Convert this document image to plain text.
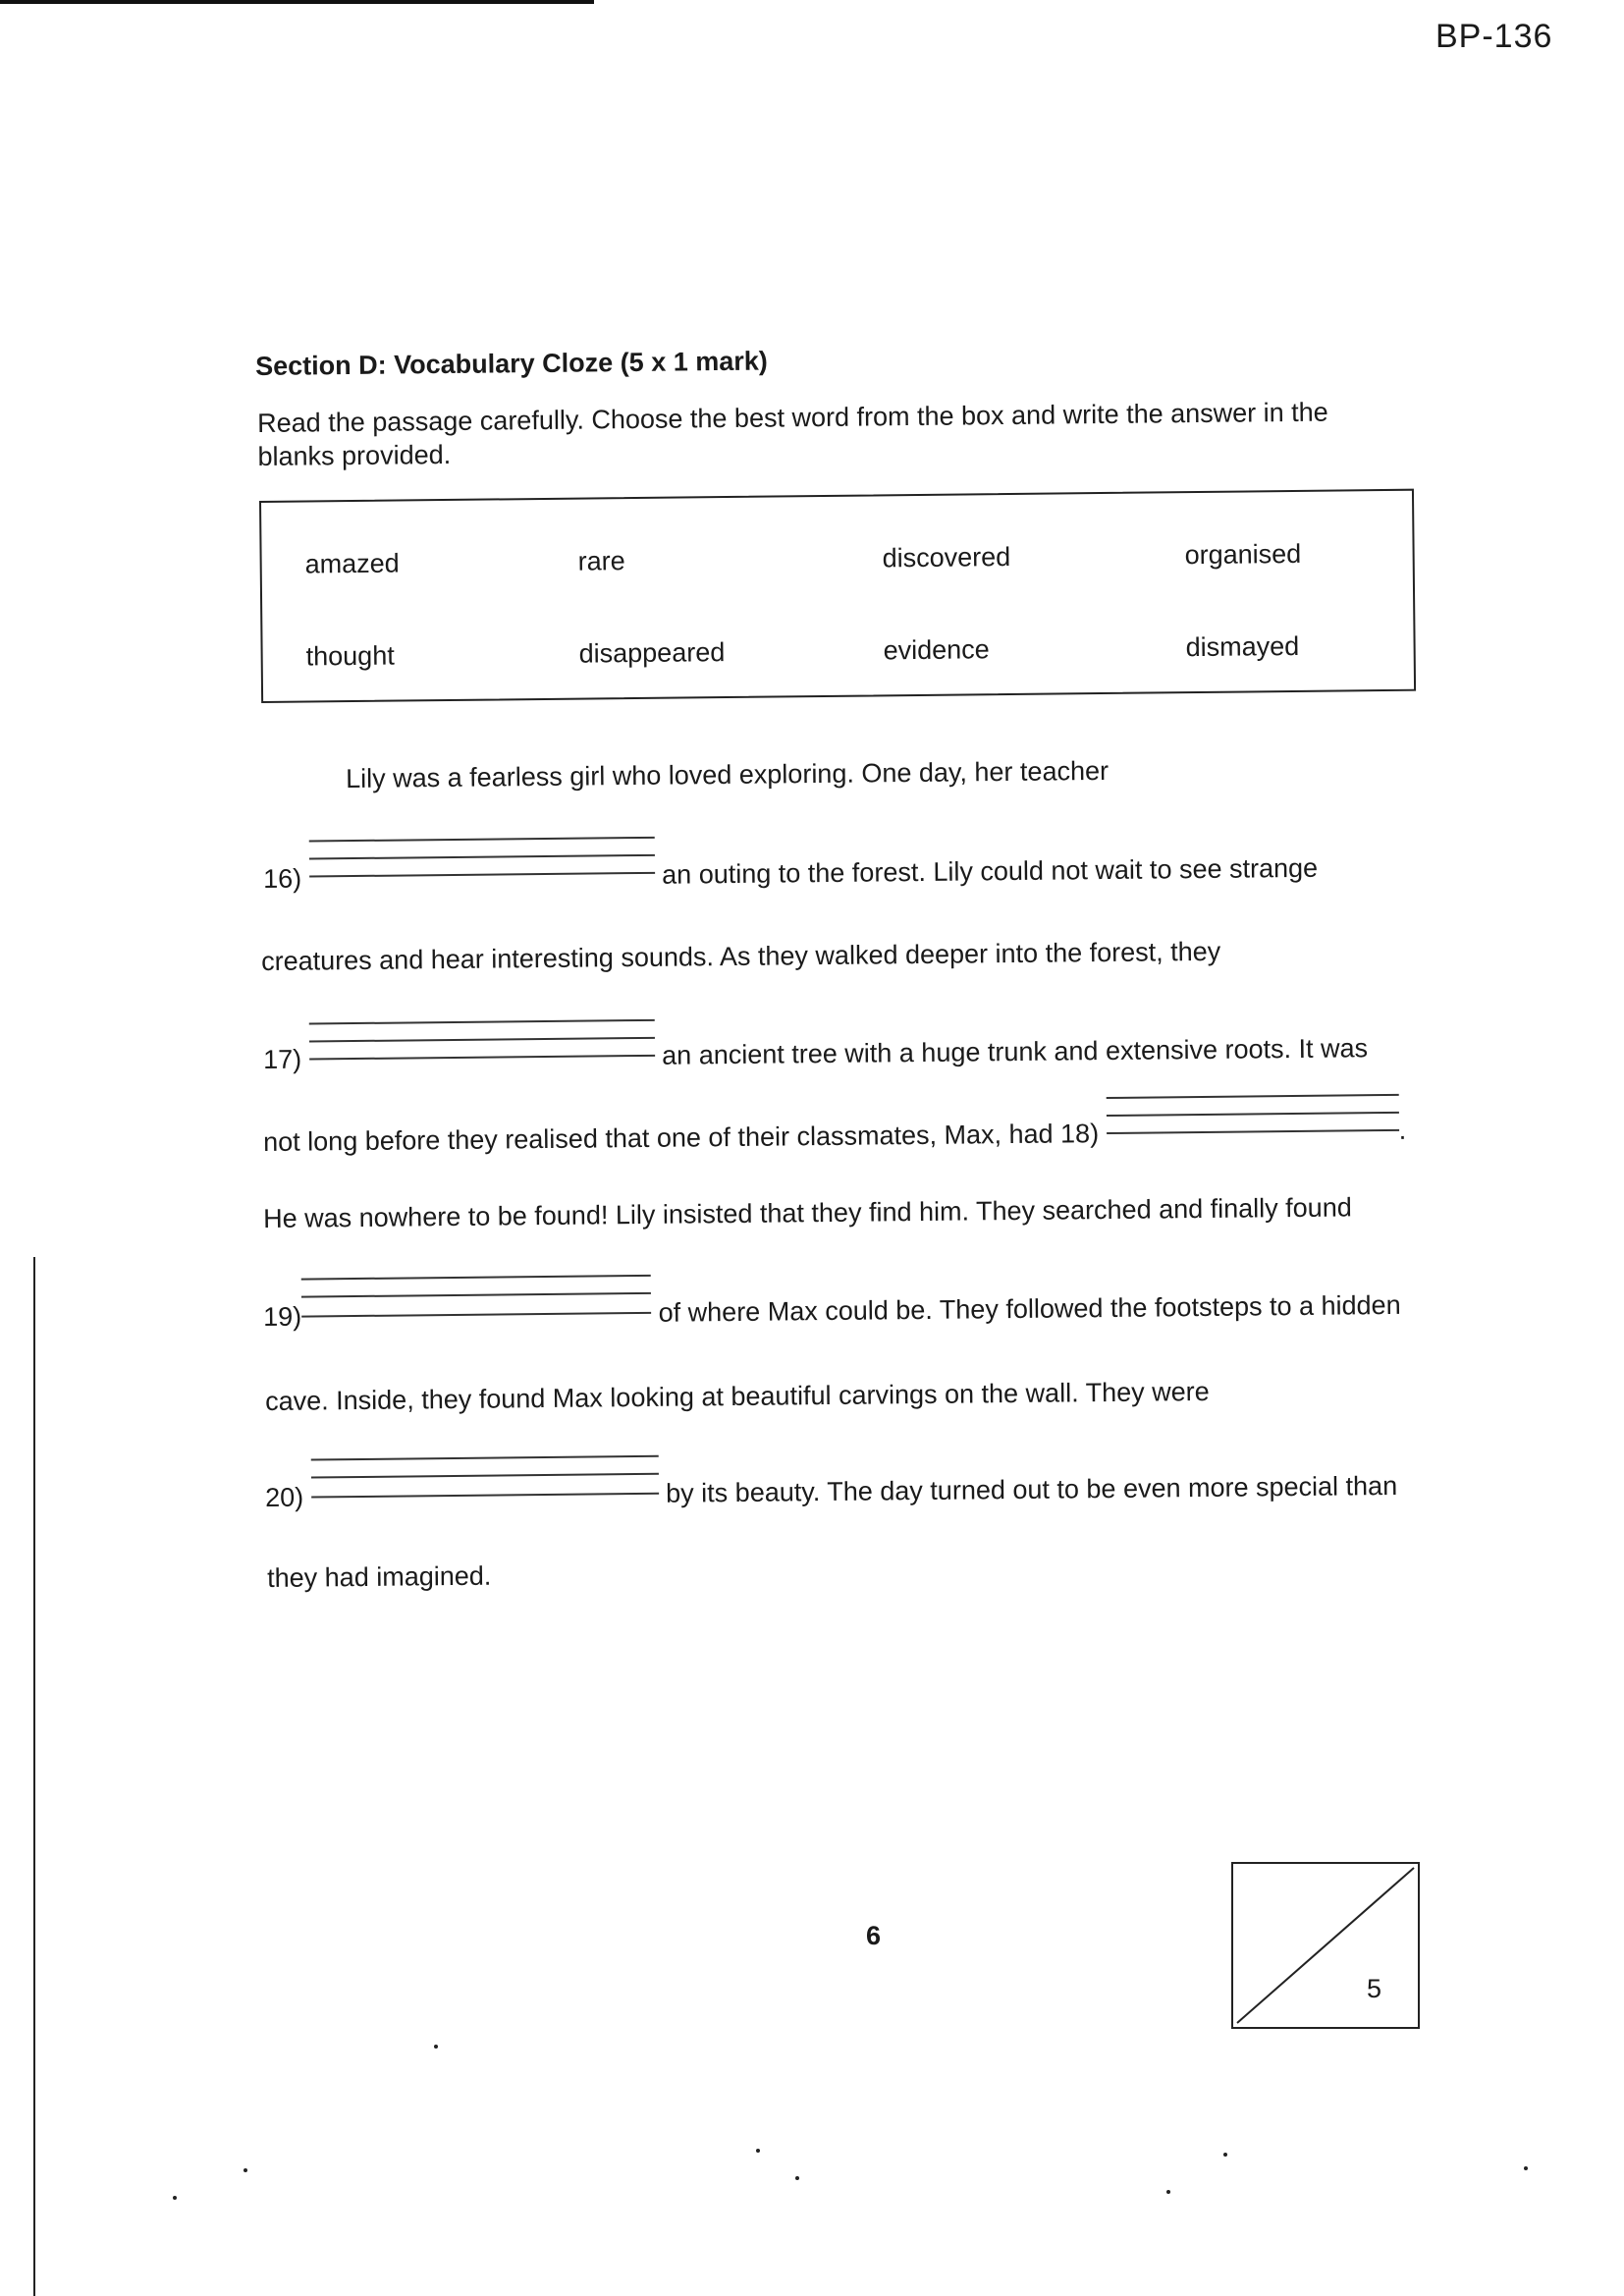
BP-136
Section D: Vocabulary Cloze (5 x 1 mark)
Read the passage carefully. Choose the best word from the box and write the answer in the blanks provided.
amazed	rare	discovered	organised
thought	disappeared	evidence	dismayed
Lily was a fearless girl who loved exploring. One day, her teacher
16)	an outing to the forest. Lily could not wait to see strange
creatures and hear interesting sounds. As they walked deeper into the forest, they
17)	an ancient tree with a huge trunk and extensive roots. It was
not long before they realised that one of their classmates, Max, had 18)	.
He was nowhere to be found! Lily insisted that they find him. They searched and finally found
19)	of where Max could be. They followed the footsteps to a hidden
cave. Inside, they found Max looking at beautiful carvings on the wall. They were
20)	by its beauty. The day turned out to be even more special than
they had imagined.
6
5
